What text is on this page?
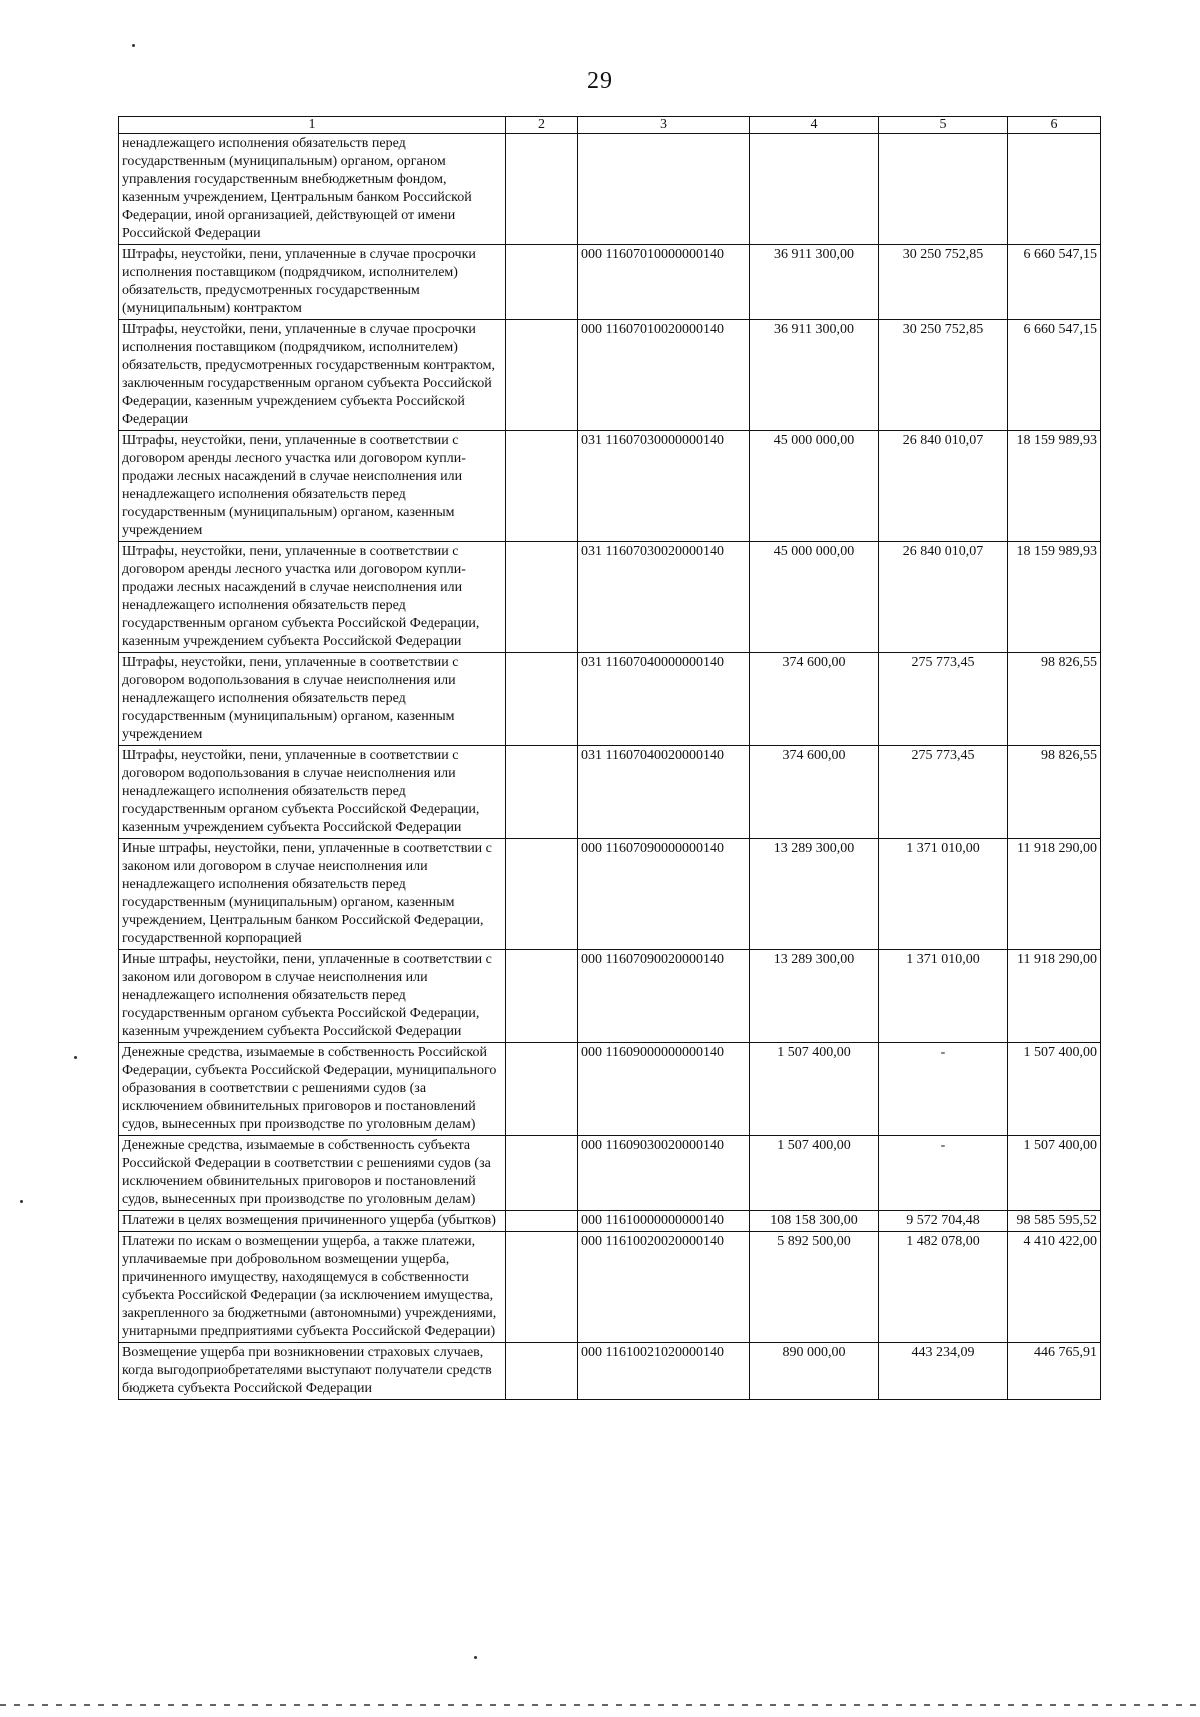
29
1	2	3	4	5	6
ненадлежащего исполнения обязательств перед государственным (муниципальным) органом, органом управления государственным внебюджетным фондом, казенным учреждением, Центральным банком Российской Федерации, иной организацией, действующей от имени Российской Федерации					
Штрафы, неустойки, пени, уплаченные в случае просрочки исполнения поставщиком (подрядчиком, исполнителем) обязательств, предусмотренных государственным (муниципальным) контрактом		000 11607010000000140	36 911 300,00	30 250 752,85	6 660 547,15
Штрафы, неустойки, пени, уплаченные в случае просрочки исполнения поставщиком (подрядчиком, исполнителем) обязательств, предусмотренных государственным контрактом, заключенным государственным органом субъекта Российской Федерации, казенным учреждением субъекта Российской Федерации		000 11607010020000140	36 911 300,00	30 250 752,85	6 660 547,15
Штрафы, неустойки, пени, уплаченные в соответствии с договором аренды лесного участка или договором купли-продажи лесных насаждений в случае неисполнения или ненадлежащего исполнения обязательств перед государственным (муниципальным) органом, казенным учреждением		031 11607030000000140	45 000 000,00	26 840 010,07	18 159 989,93
Штрафы, неустойки, пени, уплаченные в соответствии с договором аренды лесного участка или договором купли-продажи лесных насаждений в случае неисполнения или ненадлежащего исполнения обязательств перед государственным органом субъекта Российской Федерации, казенным учреждением субъекта Российской Федерации		031 11607030020000140	45 000 000,00	26 840 010,07	18 159 989,93
Штрафы, неустойки, пени, уплаченные в соответствии с договором водопользования в случае неисполнения или ненадлежащего исполнения обязательств перед государственным (муниципальным) органом, казенным учреждением		031 11607040000000140	374 600,00	275 773,45	98 826,55
Штрафы, неустойки, пени, уплаченные в соответствии с договором водопользования в случае неисполнения или ненадлежащего исполнения обязательств перед государственным органом субъекта Российской Федерации, казенным учреждением субъекта Российской Федерации		031 11607040020000140	374 600,00	275 773,45	98 826,55
Иные штрафы, неустойки, пени, уплаченные в соответствии с законом или договором в случае неисполнения или ненадлежащего исполнения обязательств перед государственным (муниципальным) органом, казенным учреждением, Центральным банком Российской Федерации, государственной корпорацией		000 11607090000000140	13 289 300,00	1 371 010,00	11 918 290,00
Иные штрафы, неустойки, пени, уплаченные в соответствии с законом или договором в случае неисполнения или ненадлежащего исполнения обязательств перед государственным органом субъекта Российской Федерации, казенным учреждением субъекта Российской Федерации		000 11607090020000140	13 289 300,00	1 371 010,00	11 918 290,00
Денежные средства, изымаемые в собственность Российской Федерации, субъекта Российской Федерации, муниципального образования в соответствии с решениями судов (за исключением обвинительных приговоров и постановлений судов, вынесенных при производстве по уголовным делам)		000 11609000000000140	1 507 400,00	-	1 507 400,00
Денежные средства, изымаемые в собственность субъекта Российской Федерации в соответствии с решениями судов (за исключением обвинительных приговоров и постановлений судов, вынесенных при производстве по уголовным делам)		000 11609030020000140	1 507 400,00	-	1 507 400,00
Платежи в целях возмещения причиненного ущерба (убытков)		000 11610000000000140	108 158 300,00	9 572 704,48	98 585 595,52
Платежи по искам о возмещении ущерба, а также платежи, уплачиваемые при добровольном возмещении ущерба, причиненного имуществу, находящемуся в собственности субъекта Российской Федерации (за исключением имущества, закрепленного за бюджетными (автономными) учреждениями, унитарными предприятиями субъекта Российской Федерации)		000 11610020020000140	5 892 500,00	1 482 078,00	4 410 422,00
Возмещение ущерба при возникновении страховых случаев, когда выгодоприобретателями выступают получатели средств бюджета субъекта Российской Федерации		000 11610021020000140	890 000,00	443 234,09	446 765,91
